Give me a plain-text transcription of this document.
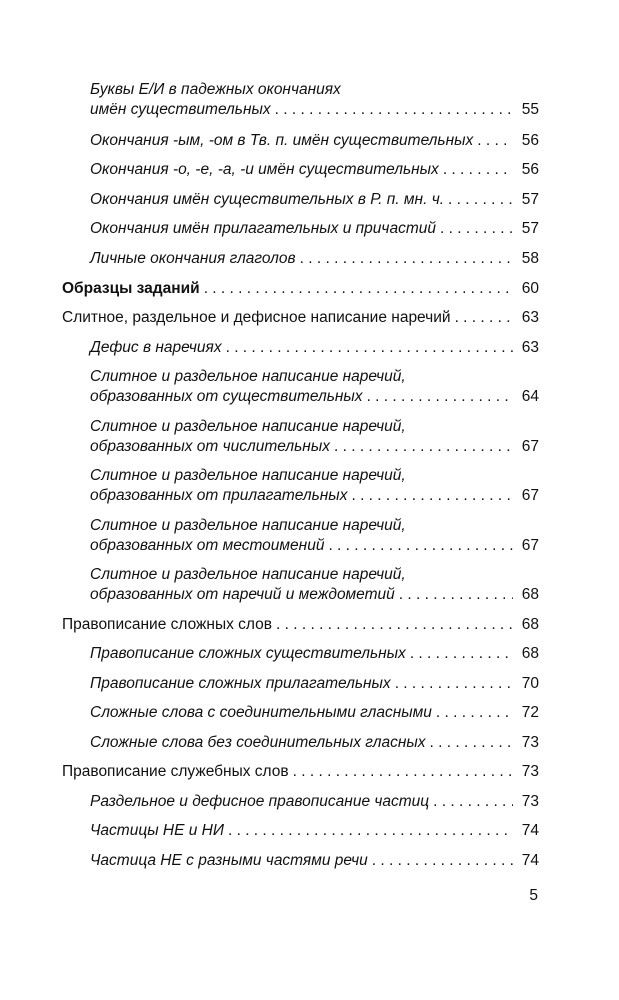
Буквы Е/И в падежных окончаниях
имён существительных . . .	55
Окончания -ым, -ом в Тв. п. имён существительных . . .	56
Окончания -о, -е, -а, -и имён существительных . . .	56
Окончания имён существительных в Р. п. мн. ч. . . .	57
Окончания имён прилагательных и причастий . . .	57
Личные окончания глаголов . . .	58
Образцы заданий . . .	60
Слитное, раздельное и дефисное написание наречий . . .	63
Дефис в наречиях . . .	63
Слитное и раздельное написание наречий,
образованных от существительных . . .	64
Слитное и раздельное написание наречий,
образованных от числительных . . .	67
Слитное и раздельное написание наречий,
образованных от прилагательных . . .	67
Слитное и раздельное написание наречий,
образованных от местоимений . . .	67
Слитное и раздельное написание наречий,
образованных от наречий и междометий . . .	68
Правописание сложных слов . . .	68
Правописание сложных существительных . . .	68
Правописание сложных прилагательных . . .	70
Сложные слова с соединительными гласными . . .	72
Сложные слова без соединительных гласных . . .	73
Правописание служебных слов . . .	73
Раздельное и дефисное правописание частиц . . .	73
Частицы НЕ и НИ . . .	74
Частица НЕ с разными частями речи . . .	74
5
